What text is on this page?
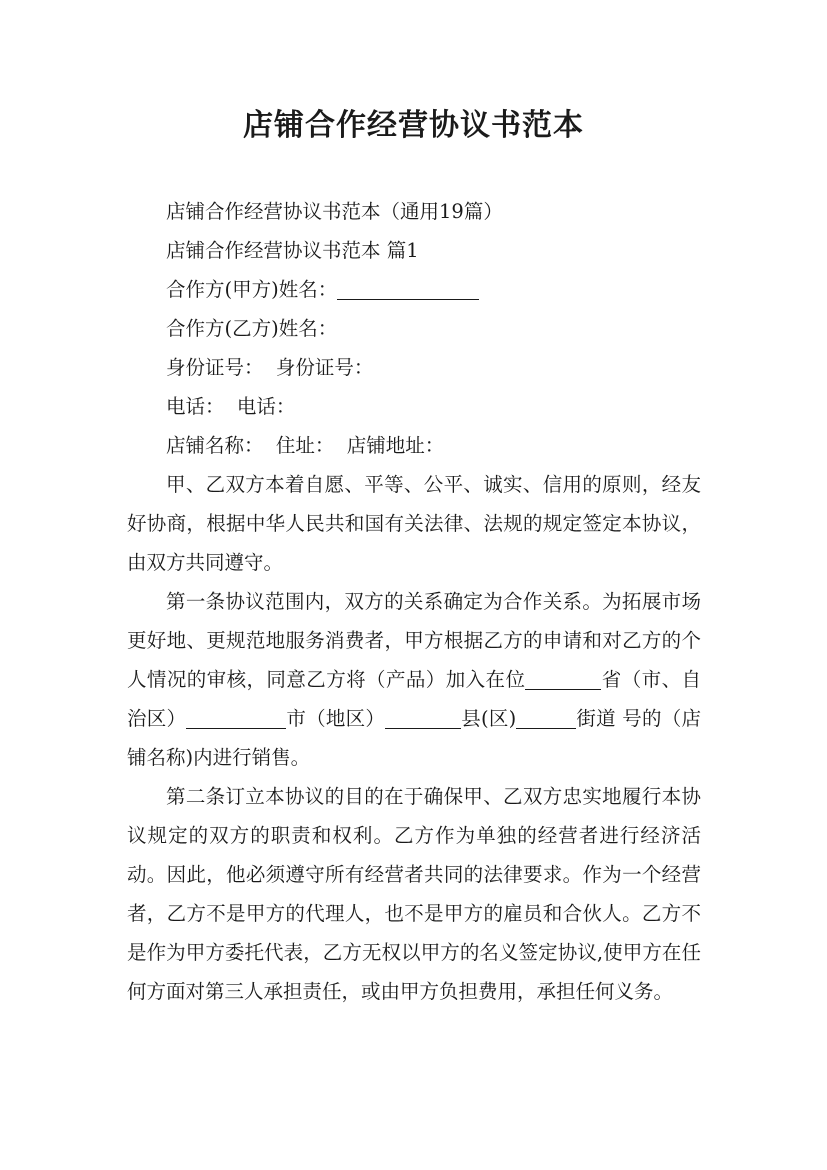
店铺合作经营协议书范本

店铺合作经营协议书范本（通用19篇）

店铺合作经营协议书范本 篇1

合作方(甲方)姓名：

合作方(乙方)姓名：

身份证号：  身份证号：

电话：  电话：

店铺名称：  住址：  店铺地址：

甲、乙双方本着自愿、平等、公平、诚实、信用的原则，经友好协商，根据中华人民共和国有关法律、法规的规定签定本协议，由双方共同遵守。

第一条协议范围内，双方的关系确定为合作关系。为拓展市场更好地、更规范地服务消费者，甲方根据乙方的申请和对乙方的个人情况的审核，同意乙方将（产品）加入在位	省（市、自治区）	市（地区）	县(区)	街道 号的（店铺名称)内进行销售。

第二条订立本协议的目的在于确保甲、乙双方忠实地履行本协议规定的双方的职责和权利。乙方作为单独的经营者进行经济活动。因此，他必须遵守所有经营者共同的法律要求。作为一个经营者，乙方不是甲方的代理人，也不是甲方的雇员和合伙人。乙方不是作为甲方委托代表，乙方无权以甲方的名义签定协议,使甲方在任何方面对第三人承担责任，或由甲方负担费用，承担任何义务。
